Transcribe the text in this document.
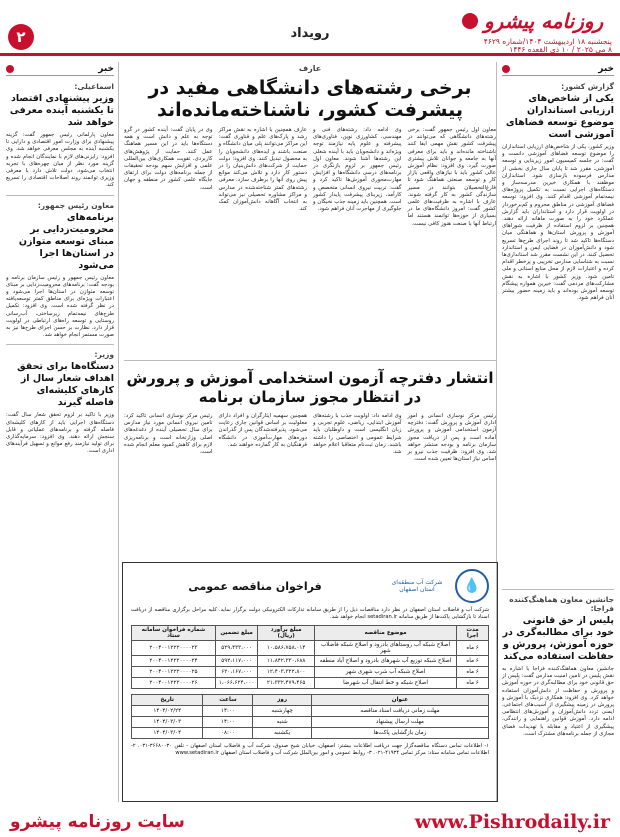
۲	رویداد
روزنامه پیشرو
پنجشنبه ۱۸ اردیبهشت ۱۴۰۴/شماره ۴۶۲۹
۸ می ۲۰۲۵ / ۱۰ ذی القعده ۱۴۴۶
خبر
گزارش کشور:
یکی از شاخص‌های ارزیابی استانداران موضوع توسعه فضاهای آموزشی است
وزیر کشور، یکی از شاخص‌های ارزیابی استانداران را موضوع توسعه فضاهای آموزشی دانست و گفت: در جلسه کمیسیون امور زیربنایی و توسعه آموزشی، مقرر شد تا پایان سال جاری بخشی از مدارس فرسوده بازسازی شود. استانداران موظفند با همکاری خیرین مدرسه‌ساز و دستگاه‌های اجرایی نسبت به تکمیل پروژه‌های نیمه‌تمام آموزشی اقدام کنند. وی افزود: توسعه فضاهای آموزشی در مناطق محروم و کم‌برخوردار در اولویت قرار دارد و استانداران باید گزارش عملکرد خود را به صورت ماهانه ارائه دهند. همچنین بر لزوم استفاده از ظرفیت شوراهای آموزش و پرورش استان‌ها و هماهنگی میان دستگاه‌ها تاکید شد تا روند اجرای طرح‌ها تسریع شود و دانش‌آموزان در فضایی ایمن و استاندارد تحصیل کنند. در این نشست مقرر شد استانداری‌ها نسبت به شناسایی مدارس تخریبی و پرخطر اقدام کرده و اعتبارات لازم از محل منابع استانی و ملی تامین شود. وزیر کشور با اشاره به نقش مشارکت‌های مردمی گفت: خیرین همواره پیشگام توسعه آموزش بوده‌اند و باید زمینه حضور بیشتر آنان فراهم شود.
جانشین معاون هماهنگ‌کننده فراجا:
پلیس از حق قانونی خود برای مطالبه‌گری در حوزه آموزش، پرورش و حفاظت استفاده می‌کند
جانشین معاون هماهنگ‌کننده فراجا با اشاره به نقش پلیس در تامین امنیت مدارس گفت: پلیس از حق قانونی خود برای مطالبه‌گری در حوزه آموزش و پرورش و حفاظت از دانش‌آموزان استفاده خواهد کرد. وی افزود: همکاری نزدیک با آموزش و پرورش در زمینه پیشگیری از آسیب‌های اجتماعی، ایمنی تردد دانش‌آموزان و آموزش‌های انتظامی ادامه دارد. آموزش قوانین راهنمایی و رانندگی، پیشگیری از اعتیاد و مقابله با تهدیدات فضای مجازی از جمله برنامه‌های مشترک است.
خبر
اسماعیلی:
وزیر پیشنهادی اقتصاد تا یکشنبه آینده معرفی خواهد شد
معاون پارلمانی رئیس جمهور گفت: گزینه پیشنهادی برای وزارت امور اقتصادی و دارایی تا یکشنبه آینده به مجلس معرفی خواهد شد. وی افزود: رایزنی‌های لازم با نمایندگان انجام شده و گزینه مورد نظر از میان چهره‌های با تجربه انتخاب می‌شود. دولت تلاش دارد با معرفی وزیری توانمند روند اصلاحات اقتصادی را تسریع کند.
معاون رئیس جمهور:
برنامه‌های محرومیت‌زدایی بر مبنای توسعه متوازن در استان‌ها اجرا می‌شود
معاون رئیس جمهور و رئیس سازمان برنامه و بودجه گفت: برنامه‌های محرومیت‌زدایی بر مبنای توسعه متوازن در استان‌ها اجرا می‌شود و اعتبارات ویژه‌ای برای مناطق کمتر توسعه‌یافته در نظر گرفته شده است. وی افزود: تکمیل طرح‌های نیمه‌تمام زیرساختی، آب‌رسانی روستایی و توسعه راه‌های ارتباطی در اولویت قرار دارد. نظارت بر حسن اجرای طرح‌ها نیز به صورت مستمر انجام خواهد شد.
وزیر:
دستگاه‌ها برای تحقق اهداف شعار سال از کارهای کلیشه‌ای فاصله گیرند
وزیر با تاکید بر لزوم تحقق شعار سال گفت: دستگاه‌های اجرایی باید از کارهای کلیشه‌ای فاصله گرفته و برنامه‌های عملیاتی و قابل سنجش ارائه دهند. وی افزود: سرمایه‌گذاری برای تولید نیازمند رفع موانع و تسهیل فرآیندهای اداری است.
عارف
برخی رشته‌های دانشگاهی مفید در پیشرفت کشور، ناشناخته‌مانده‌اند
معاون اول رئیس جمهور گفت: برخی رشته‌های دانشگاهی که می‌توانند در پیشرفت کشور نقش مهمی ایفا کنند ناشناخته مانده‌اند و باید برای معرفی آنها به جامعه و جوانان تلاش بیشتری صورت گیرد. وی افزود: نظام آموزش عالی کشور باید با نیازهای واقعی بازار کار و توسعه صنعتی هماهنگ شود تا فارغ‌التحصیلان بتوانند در مسیر سازندگی کشور به کار گرفته شوند. عارف با اشاره به ظرفیت‌های علمی کشور گفت: امروز دانشگاه‌های ما در بسیاری از حوزه‌ها توانمند هستند اما ارتباط آنها با صنعت هنوز کافی نیست.
وی ادامه داد: رشته‌های فنی و مهندسی، کشاورزی نوین، فناوری‌های پیشرفته و علوم پایه نیازمند توجه ویژه‌اند و دانشجویان باید با آینده شغلی این رشته‌ها آشنا شوند. معاون اول رئیس جمهور بر لزوم بازنگری در برنامه‌های درسی دانشگاه‌ها و افزایش مهارت‌محوری آموزش‌ها تاکید کرد و گفت: تربیت نیروی انسانی متخصص و کارآمد، زیربنای پیشرفت پایدار کشور است. همچنین باید زمینه جذب نخبگان و جلوگیری از مهاجرت آنان فراهم شود.
عارف همچنین با اشاره به نقش مراکز رشد و پارک‌های علم و فناوری گفت: این مراکز می‌توانند پلی میان دانشگاه و صنعت باشند و ایده‌های دانشجویان را به محصول تبدیل کنند. وی افزود: دولت حمایت از شرکت‌های دانش‌بنیان را در دستور کار دارد و تلاش می‌کند موانع پیش روی آنها را برطرف سازد. معرفی رشته‌های کمتر شناخته‌شده در مدارس و مراکز مشاوره تحصیلی نیز می‌تواند به انتخاب آگاهانه دانش‌آموزان کمک کند.
وی در پایان گفت: آینده کشور در گرو توجه به علم و دانش است و همه دستگاه‌ها باید در این مسیر هماهنگ عمل کنند. حمایت از پژوهش‌های کاربردی، تقویت همکاری‌های بین‌المللی علمی و افزایش سهم بودجه تحقیقات از جمله برنامه‌های دولت برای ارتقای جایگاه علمی کشور در منطقه و جهان است.
انتشار دفترچه آزمون استخدامی آموزش و پرورش در انتظار مجوز سازمان برنامه
رئیس مرکز نوسازی انسانی و امور اداری آموزش و پرورش گفت: دفترچه آزمون استخدامی آموزش و پرورش آماده است و پس از دریافت مجوز سازمان برنامه و بودجه منتشر خواهد شد. وی افزود: ظرفیت جذب نیرو بر اساس نیاز استان‌ها تعیین شده است.
وی ادامه داد: اولویت جذب با رشته‌های آموزش ابتدایی، ریاضی، علوم تجربی و زبان انگلیسی است و داوطلبان باید شرایط عمومی و اختصاصی را داشته باشند. زمان ثبت‌نام متعاقبا اعلام خواهد شد.
همچنین سهمیه ایثارگران و افراد دارای معلولیت بر اساس قوانین جاری رعایت می‌شود. پذیرفته‌شدگان پس از گذراندن دوره‌های مهارت‌آموزی در دانشگاه فرهنگیان به کار گمارده خواهند شد.
رئیس مرکز نوسازی انسانی تاکید کرد: تامین نیروی انسانی مورد نیاز مدارس برای سال تحصیلی آینده از دغدغه‌های اصلی وزارتخانه است و برنامه‌ریزی لازم برای کاهش کمبود معلم انجام شده است.
💧
شرکت آب منطقه‌ای استان اصفهان
فراخوان مناقصه عمومی
شرکت آب و فاضلاب استان اصفهان در نظر دارد مناقصات ذیل را از طریق سامانه تدارکات الکترونیکی دولت برگزار نماید. کلیه مراحل برگزاری مناقصه از دریافت اسناد تا بازگشایی پاکت‌ها از طریق سامانه setadiran.ir انجام خواهد شد.
مدت اجرا	موضوع مناقصه	مبلغ برآورد (ریال)	مبلغ تضمین	شماره فراخوان سامانه ستاد
۶ ماه	اصلاح شبکه آب روستاهای بادرود و اصلاح شبکه فاضلاب شهر	۱۰،۵۸۶،۷۵۸،۰۱۴	۵۲۹،۴۳۳،۰۰۰	۲۰۰۴۰۰۱۲۲۲۰۰۰۰۲۳
۶ ماه	اصلاح شبکه توزیع آب شهرهای بادرود و اصلاح آباد منطقه	۱۱،۸۴۲،۳۳۰،۶۸۸	۵۹۲،۱۱۷،۰۰۰	۲۰۰۴۰۰۱۲۲۲۰۰۰۰۲۴
۶ ماه	اصلاح شبکه آب شرب شهری شهر	۱۲،۴۰۳،۳۲۲،۸۰۰	۶۲۰،۱۶۷،۰۰۰	۲۰۰۴۰۰۱۲۲۲۰۰۰۰۲۵
۶ ماه	اصلاح شبکه و خط انتقال آب شهرضا	۲۱،۳۳۲،۴۷۹،۴۶۵	۱،۰۶۶،۶۲۴،۰۰۰	۲۰۰۴۰۰۱۲۲۲۰۰۰۰۲۶
عنوان	روز	ساعت	تاریخ
مهلت زمانی دریافت اسناد مناقصه	چهارشنبه	۱۴:۰۰	۱۴۰۴/۰۲/۲۴
مهلت ارسال پیشنهاد	شنبه	۱۴:۰۰	۱۴۰۴/۰۳/۰۳
زمان بازگشایی پاکت‌ها	یکشنبه	۰۸:۰۰	۱۴۰۴/۰۳/۰۴
۱- اطلاعات تماس دستگاه مناقصه‌گزار جهت دریافت اطلاعات بیشتر: اصفهان، خیابان شیخ صدوق، شرکت آب و فاضلاب استان اصفهان - تلفن ۳۶۶۸۰۰۳۰-۰۳۱. ۲- اطلاعات تماس سامانه ستاد: مرکز تماس ۴۱۹۳۴-۰۲۱. ۳- روابط عمومی و امور بین‌الملل شرکت آب و فاضلاب استان اصفهان www.setadiran.ir
www.Pishrodaily.ir
سایت روزنامه پیشرو
